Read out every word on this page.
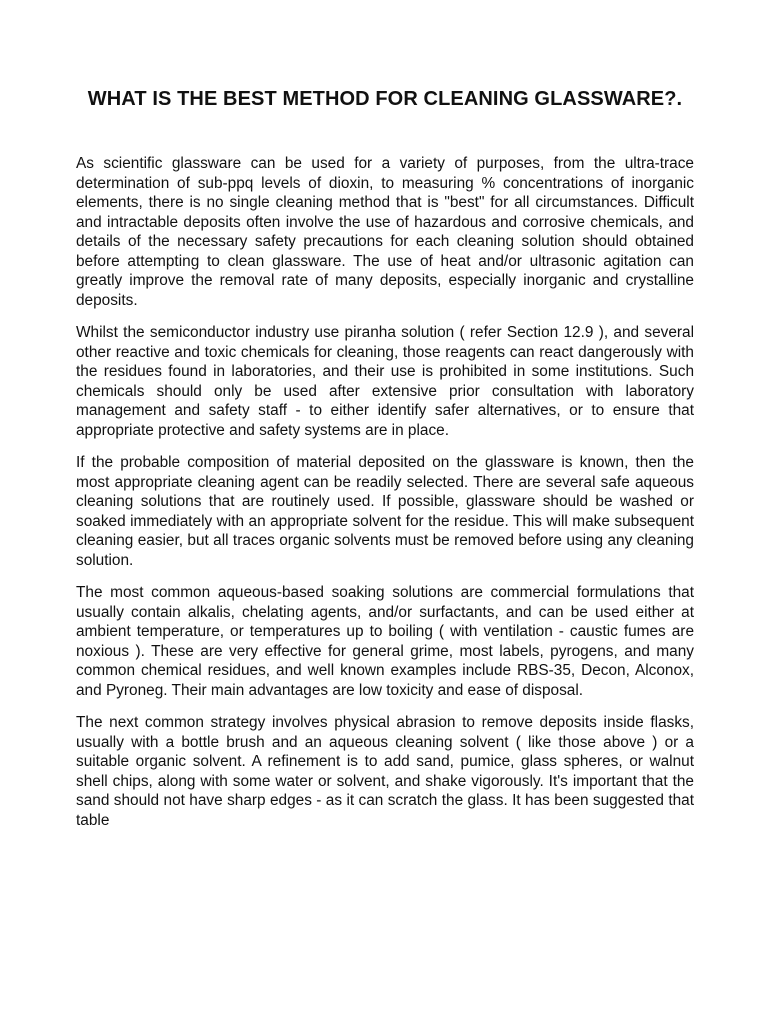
WHAT IS THE BEST METHOD FOR CLEANING GLASSWARE?.

As scientific glassware can be used for a variety of purposes, from the ultra-trace determination of sub-ppq levels of dioxin, to measuring % concentrations of inorganic elements, there is no single cleaning method that is "best" for all circumstances. Difficult and intractable deposits often involve the use of hazardous and corrosive chemicals, and details of the necessary safety precautions for each cleaning solution should obtained before attempting to clean glassware. The use of heat and/or ultrasonic agitation can greatly improve the removal rate of many deposits, especially inorganic and crystalline deposits.

Whilst the semiconductor industry use piranha solution ( refer Section 12.9 ), and several other reactive and toxic chemicals for cleaning, those reagents can react dangerously with the residues found in laboratories, and their use is prohibited in some institutions. Such chemicals should only be used after extensive prior consultation with laboratory management and safety staff - to either identify safer alternatives, or to ensure that appropriate protective and safety systems are in place.

If the probable composition of material deposited on the glassware is known, then the most appropriate cleaning agent can be readily selected. There are several safe aqueous cleaning solutions that are routinely used. If possible, glassware should be washed or soaked immediately with an appropriate solvent for the residue. This will make subsequent cleaning easier, but all traces organic solvents must be removed before using any cleaning solution.

The most common aqueous-based soaking solutions are commercial formulations that usually contain alkalis, chelating agents, and/or surfactants, and can be used either at ambient temperature, or temperatures up to boiling ( with ventilation - caustic fumes are noxious ). These are very effective for general grime, most labels, pyrogens, and many common chemical residues, and well known examples include RBS-35, Decon, Alconox, and Pyroneg. Their main advantages are low toxicity and ease of disposal.

The next common strategy involves physical abrasion to remove deposits inside flasks, usually with a bottle brush and an aqueous cleaning solvent ( like those above ) or a suitable organic solvent. A refinement is to add sand, pumice, glass spheres, or walnut shell chips, along with some water or solvent, and shake vigorously. It's important that the sand should not have sharp edges - as it can scratch the glass. It has been suggested that table
